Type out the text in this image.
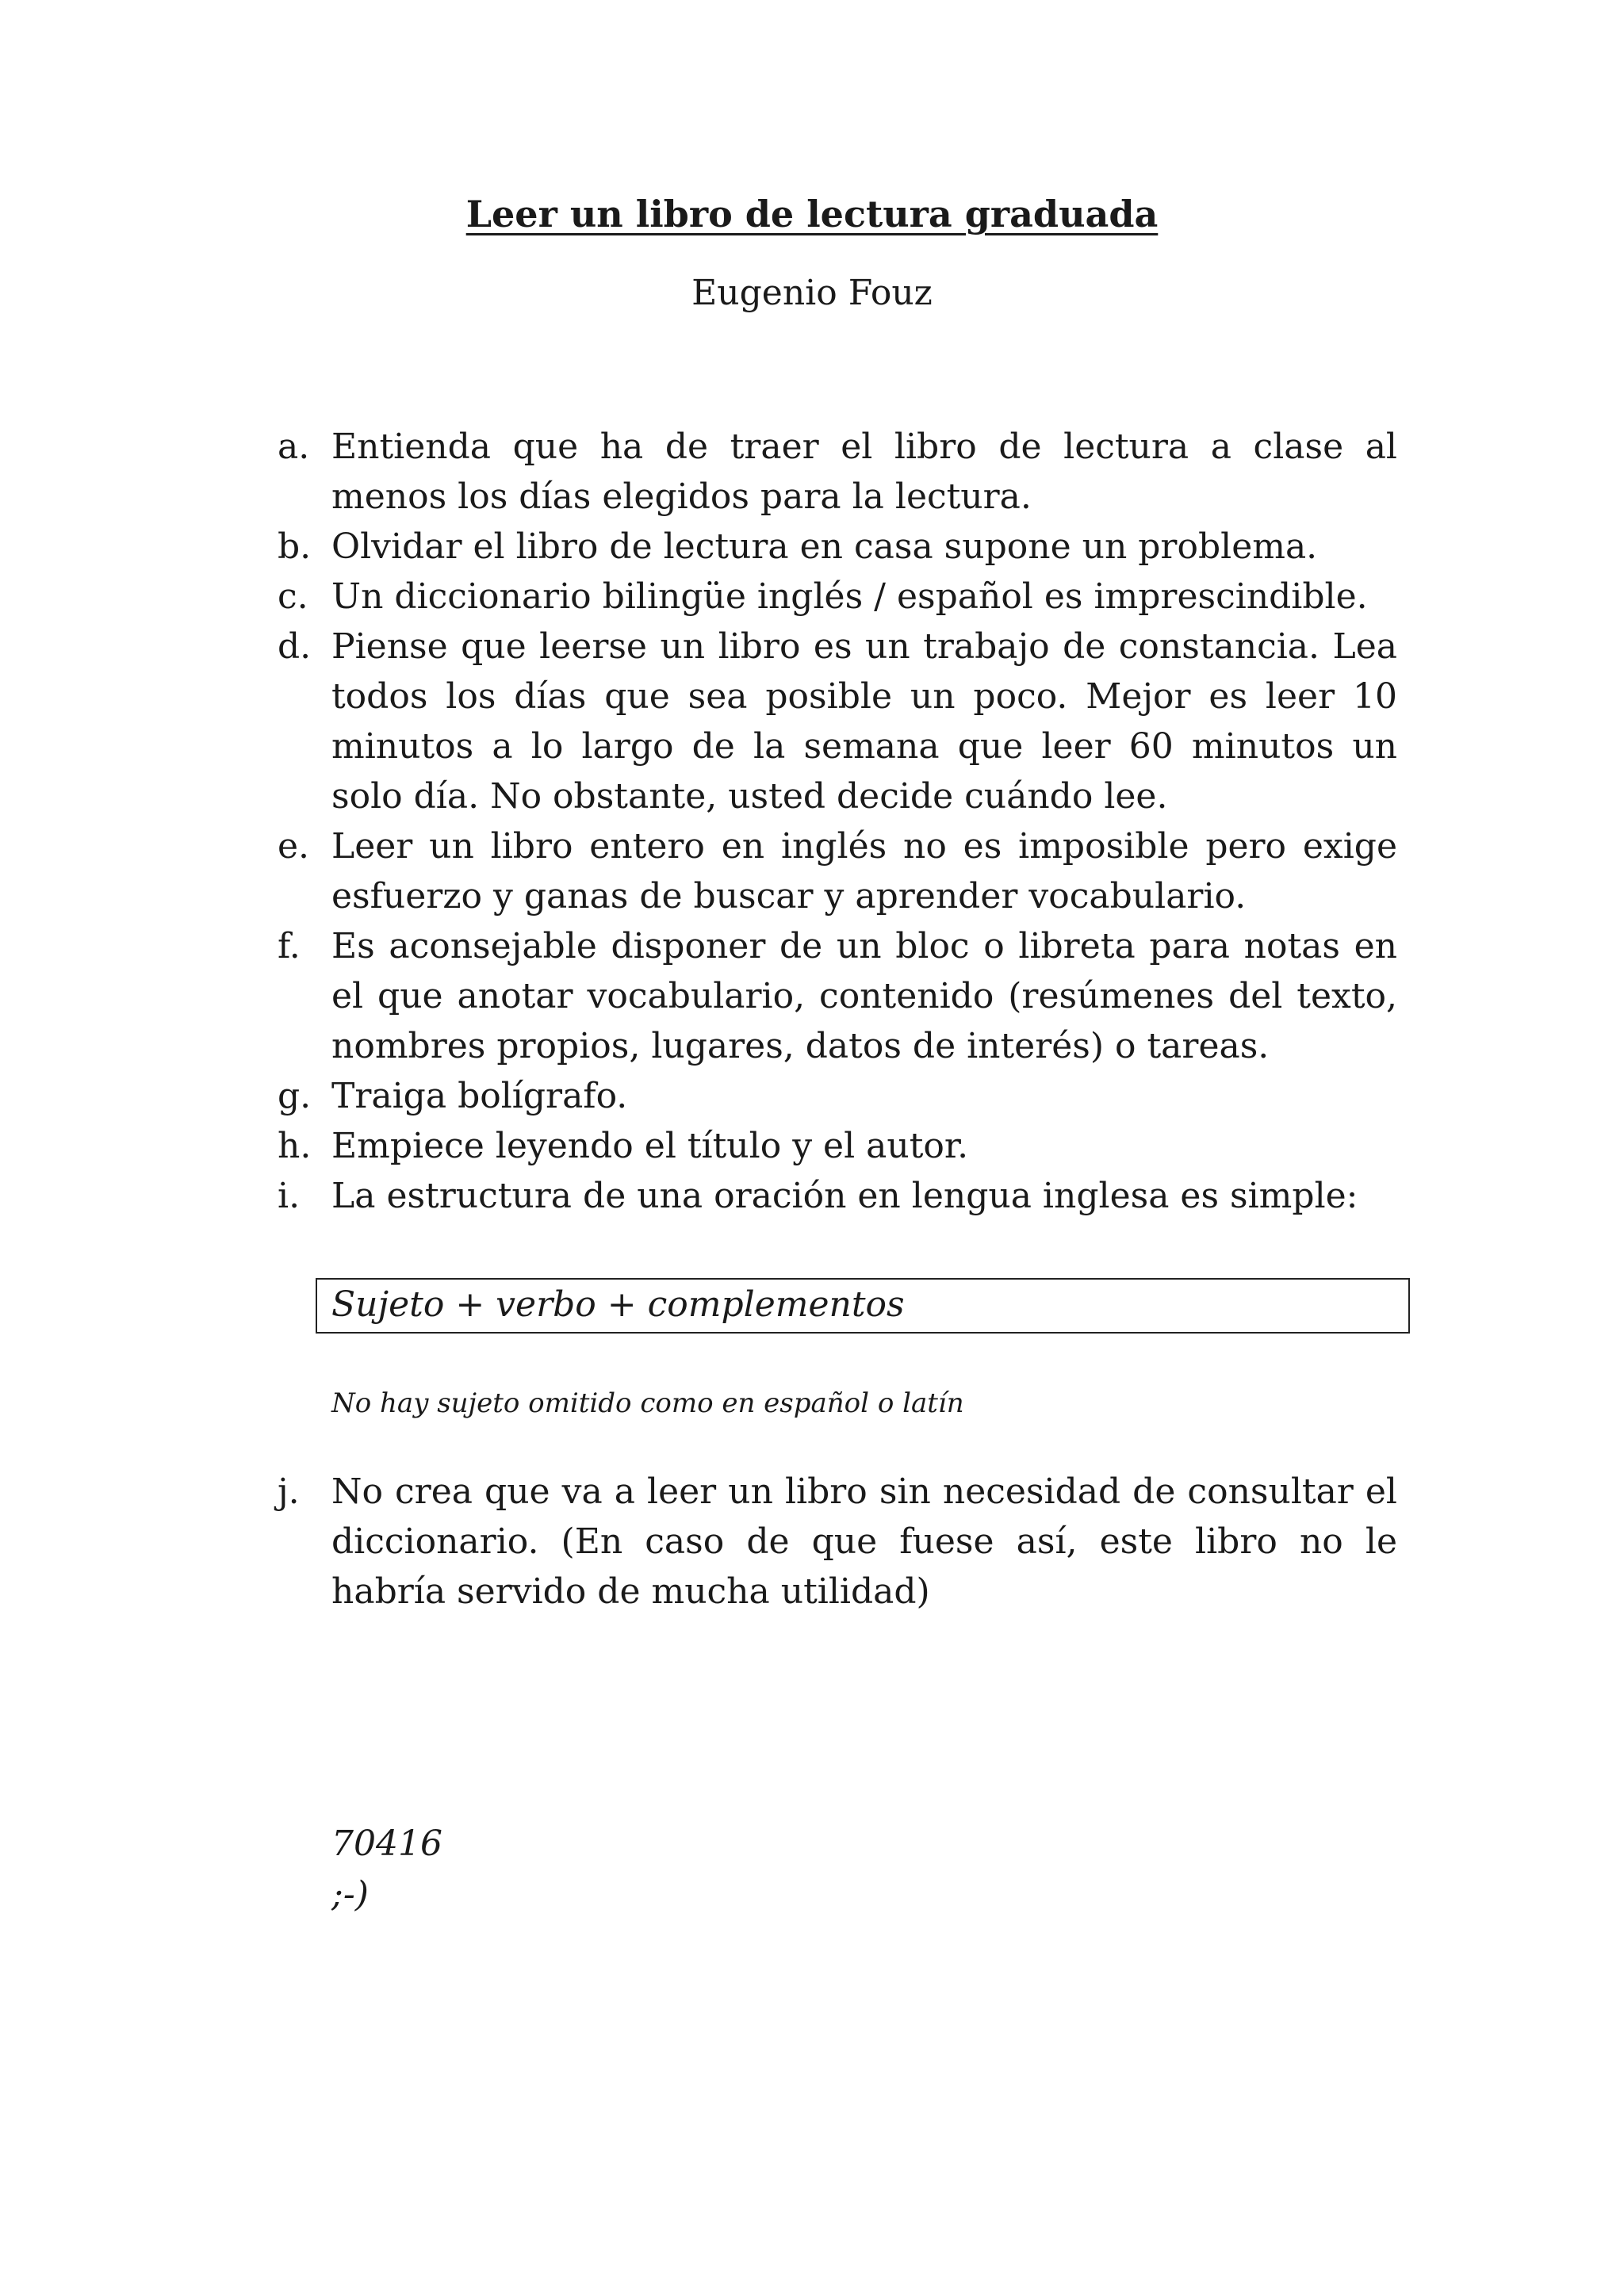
Leer un libro de lectura graduada
Eugenio Fouz
a. Entienda que ha de traer el libro de lectura a clase al menos los días elegidos para la lectura.
b. Olvidar el libro de lectura en casa supone un problema.
c. Un diccionario bilingüe inglés / español es imprescindible.
d. Piense que leerse un libro es un trabajo de constancia. Lea todos los días que sea posible un poco. Mejor es leer 10 minutos a lo largo de la semana que leer 60 minutos un solo día. No obstante, usted decide cuándo lee.
e. Leer un libro entero en inglés no es imposible pero exige esfuerzo y ganas de buscar y aprender vocabulario.
f. Es aconsejable disponer de un bloc o libreta para notas en el que anotar vocabulario, contenido (resúmenes del texto, nombres propios, lugares, datos de interés) o tareas.
g. Traiga bolígrafo.
h. Empiece leyendo el título y el autor.
i. La estructura de una oración en lengua inglesa es simple:
Sujeto + verbo + complementos
No hay sujeto omitido como en español o latín
j. No crea que va a leer un libro sin necesidad de consultar el diccionario. (En caso de que fuese así, este libro no le habría servido de mucha utilidad)
70416
;-)
